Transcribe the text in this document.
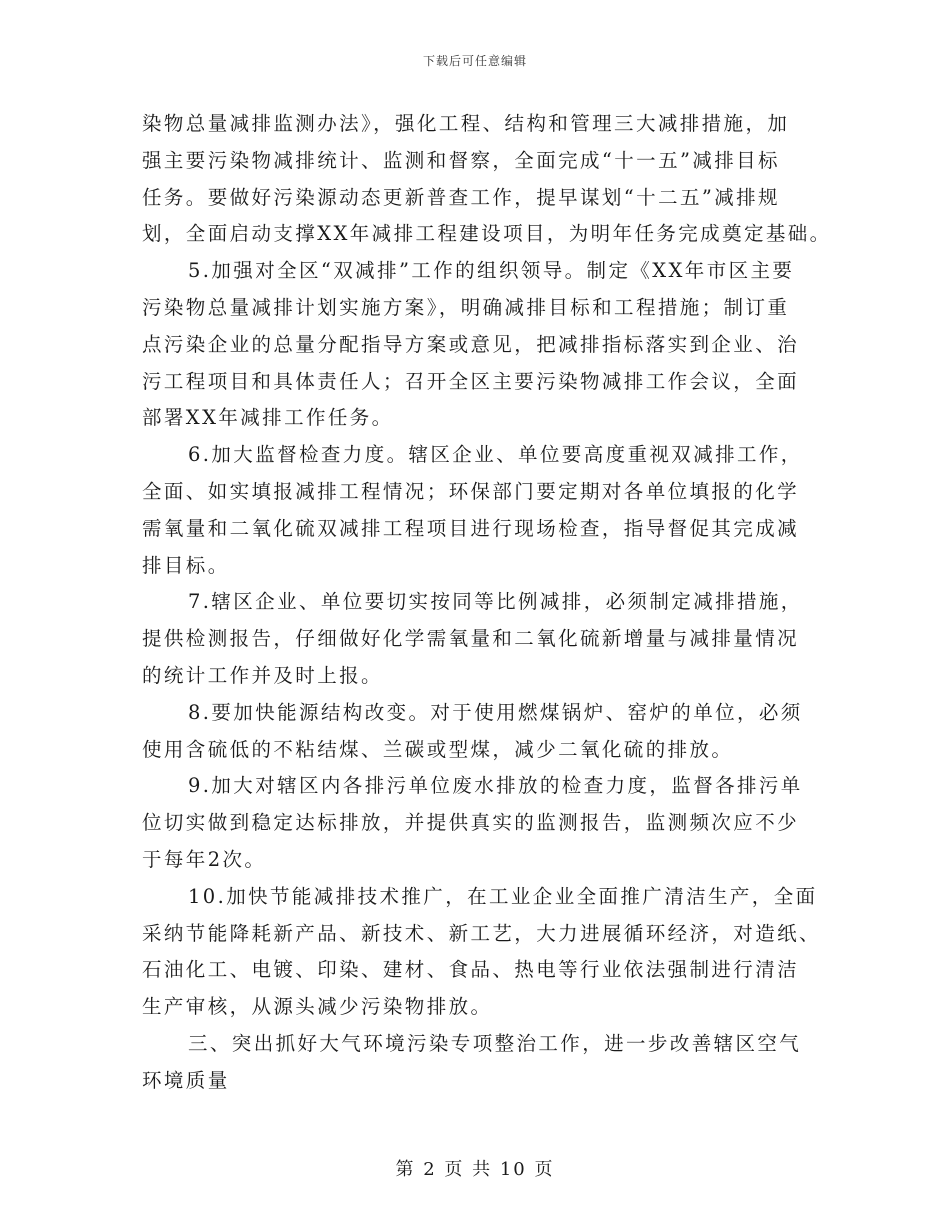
下载后可任意编辑

染物总量减排监测办法》，强化工程、结构和管理三大减排措施，加
强主要污染物减排统计、监测和督察，全面完成“十一五”减排目标
任务。要做好污染源动态更新普查工作，提早谋划“十二五”减排规
划，全面启动支撑XX年减排工程建设项目，为明年任务完成奠定基础。

5.加强对全区“双减排”工作的组织领导。制定《XX年市区主要
污染物总量减排计划实施方案》，明确减排目标和工程措施；制订重
点污染企业的总量分配指导方案或意见，把减排指标落实到企业、治
污工程项目和具体责任人；召开全区主要污染物减排工作会议，全面
部署XX年减排工作任务。

6.加大监督检查力度。辖区企业、单位要高度重视双减排工作，
全面、如实填报减排工程情况；环保部门要定期对各单位填报的化学
需氧量和二氧化硫双减排工程项目进行现场检查，指导督促其完成减
排目标。

7.辖区企业、单位要切实按同等比例减排，必须制定减排措施，
提供检测报告，仔细做好化学需氧量和二氧化硫新增量与减排量情况
的统计工作并及时上报。

8.要加快能源结构改变。对于使用燃煤锅炉、窑炉的单位，必须
使用含硫低的不粘结煤、兰碳或型煤，减少二氧化硫的排放。

9.加大对辖区内各排污单位废水排放的检查力度，监督各排污单
位切实做到稳定达标排放，并提供真实的监测报告，监测频次应不少
于每年2次。

10.加快节能减排技术推广，在工业企业全面推广清洁生产，全面
采纳节能降耗新产品、新技术、新工艺，大力进展循环经济，对造纸、
石油化工、电镀、印染、建材、食品、热电等行业依法强制进行清洁
生产审核，从源头减少污染物排放。

三、突出抓好大气环境污染专项整治工作，进一步改善辖区空气
环境质量

第 2 页 共 10 页
